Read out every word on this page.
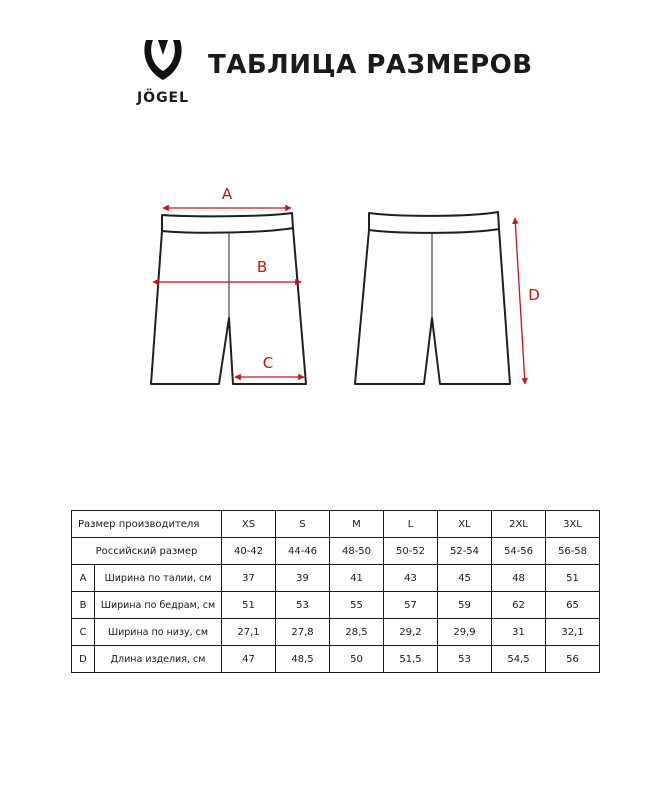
JÖGEL
ТАБЛИЦА РАЗМЕРОВ
A
B
C
D
Размер производителя		XS	S	M	L	XL	2XL	3XL
Российский размер		40-42	44-46	48-50	50-52	52-54	54-56	56-58
A	Ширина по талии, см	37	39	41	43	45	48	51
B	Ширина по бедрам, см	51	53	55	57	59	62	65
C	Ширина по низу, см	27,1	27,8	28,5	29,2	29,9	31	32,1
D	Длина изделия, см	47	48,5	50	51,5	53	54,5	56
